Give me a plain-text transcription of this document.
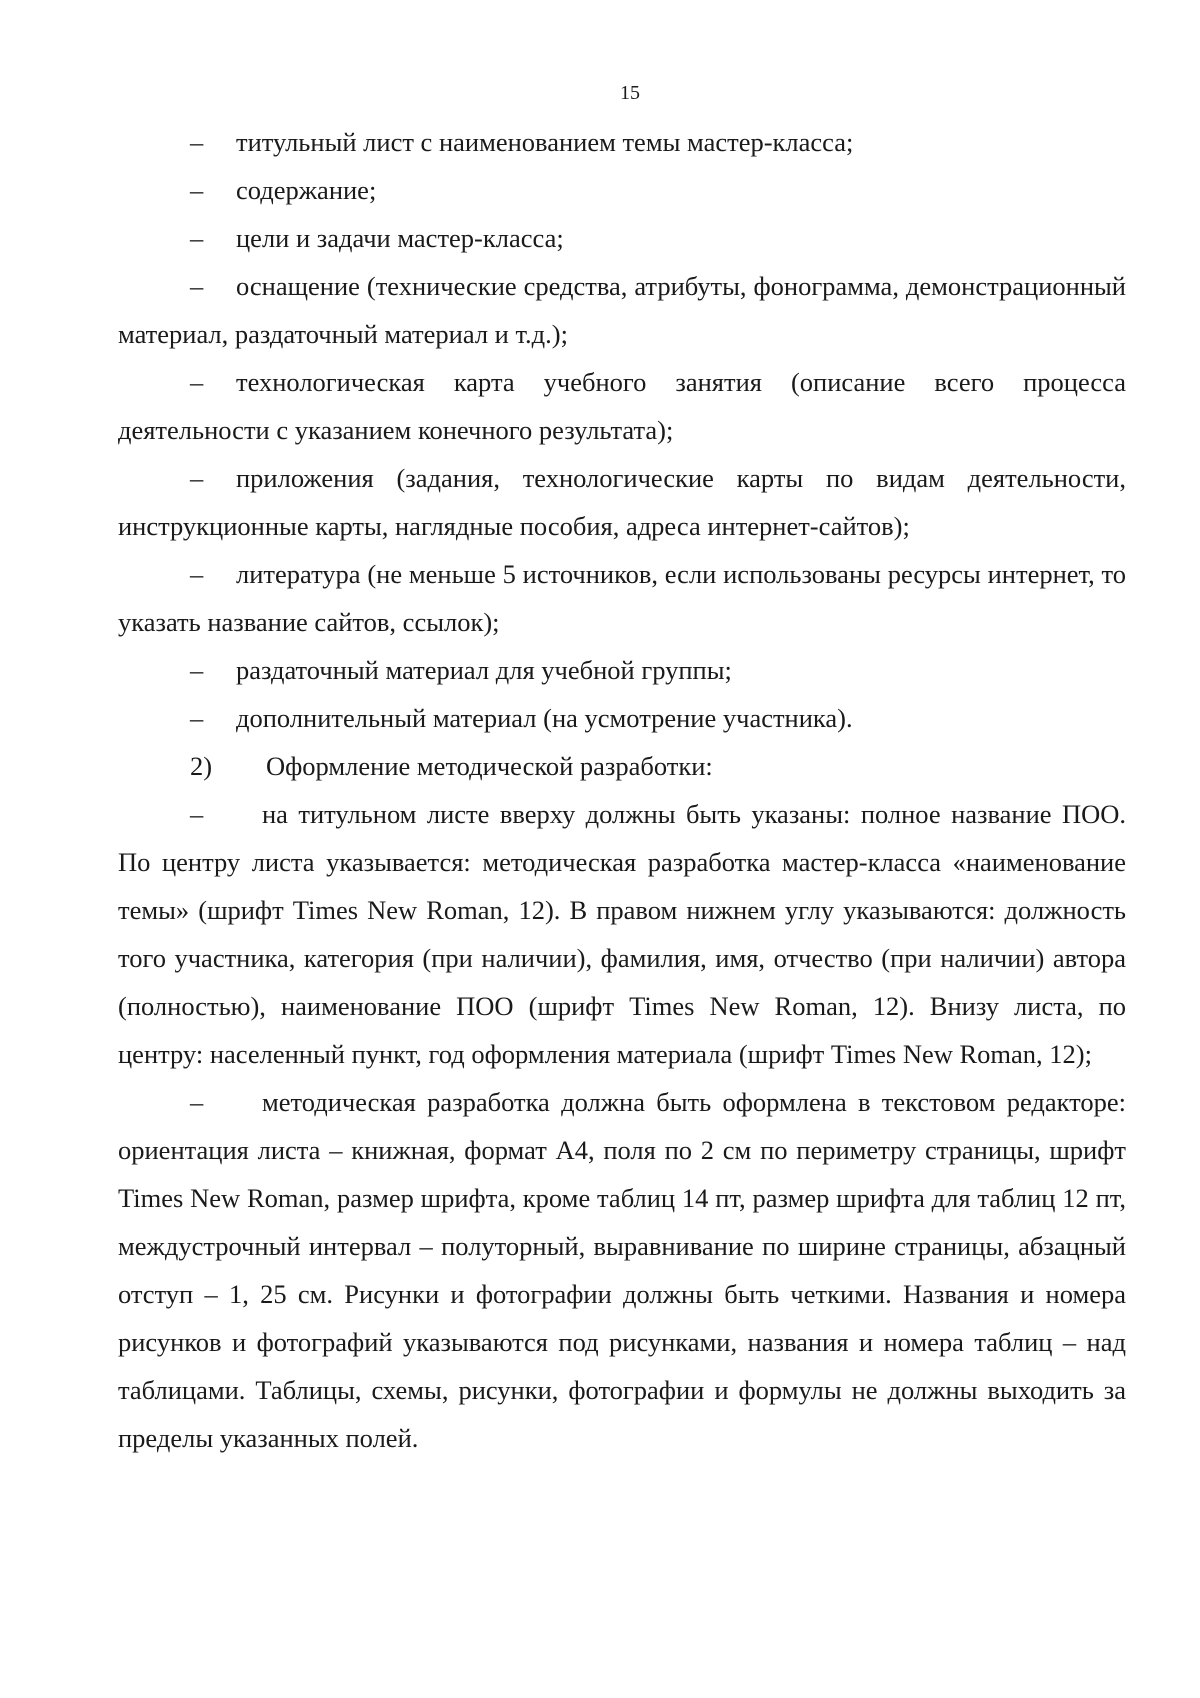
15

– титульный лист с наименованием темы мастер-класса;

– содержание;

– цели и задачи мастер-класса;

– оснащение (технические средства, атрибуты, фонограмма, демонстрационный материал, раздаточный материал и т.д.);

– технологическая карта учебного занятия (описание всего процесса деятельности с указанием конечного результата);

– приложения (задания, технологические карты по видам деятельности, инструкционные карты, наглядные пособия, адреса интернет-сайтов);

– литература (не меньше 5 источников, если использованы ресурсы интернет, то указать название сайтов, ссылок);

– раздаточный материал для учебной группы;

– дополнительный материал (на усмотрение участника).

2) Оформление методической разработки:

– на титульном листе вверху должны быть указаны: полное название ПОО. По центру листа указывается: методическая разработка мастер-класса «наименование темы» (шрифт Times New Roman, 12). В правом нижнем углу указываются: должность того участника, категория (при наличии), фамилия, имя, отчество (при наличии) автора (полностью), наименование ПОО (шрифт Times New Roman, 12). Внизу листа, по центру: населенный пункт, год оформления материала (шрифт Times New Roman, 12);

– методическая разработка должна быть оформлена в текстовом редакторе: ориентация листа – книжная, формат А4, поля по 2 см по периметру страницы, шрифт Times New Roman, размер шрифта, кроме таблиц 14 пт, размер шрифта для таблиц 12 пт, междустрочный интервал – полуторный, выравнивание по ширине страницы, абзацный отступ – 1, 25 см. Рисунки и фотографии должны быть четкими. Названия и номера рисунков и фотографий указываются под рисунками, названия и номера таблиц – над таблицами. Таблицы, схемы, рисунки, фотографии и формулы не должны выходить за пределы указанных полей.
